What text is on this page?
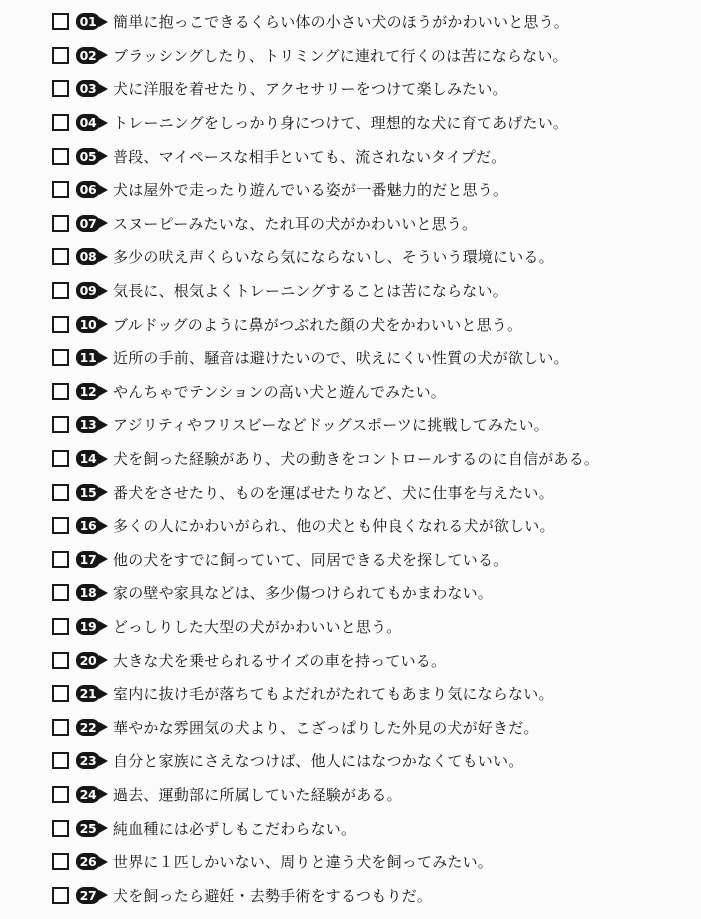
01 簡単に抱っこできるくらい体の小さい犬のほうがかわいいと思う。
02 ブラッシングしたり、トリミングに連れて行くのは苦にならない。
03 犬に洋服を着せたり、アクセサリーをつけて楽しみたい。
04 トレーニングをしっかり身につけて、理想的な犬に育てあげたい。
05 普段、マイペースな相手といても、流されないタイプだ。
06 犬は屋外で走ったり遊んでいる姿が一番魅力的だと思う。
07 スヌーピーみたいな、たれ耳の犬がかわいいと思う。
08 多少の吠え声くらいなら気にならないし、そういう環境にいる。
09 気長に、根気よくトレーニングすることは苦にならない。
10 ブルドッグのように鼻がつぶれた顔の犬をかわいいと思う。
11 近所の手前、騒音は避けたいので、吠えにくい性質の犬が欲しい。
12 やんちゃでテンションの高い犬と遊んでみたい。
13 アジリティやフリスビーなどドッグスポーツに挑戦してみたい。
14 犬を飼った経験があり、犬の動きをコントロールするのに自信がある。
15 番犬をさせたり、ものを運ばせたりなど、犬に仕事を与えたい。
16 多くの人にかわいがられ、他の犬とも仲良くなれる犬が欲しい。
17 他の犬をすでに飼っていて、同居できる犬を探している。
18 家の壁や家具などは、多少傷つけられてもかまわない。
19 どっしりした大型の犬がかわいいと思う。
20 大きな犬を乗せられるサイズの車を持っている。
21 室内に抜け毛が落ちてもよだれがたれてもあまり気にならない。
22 華やかな雰囲気の犬より、こざっぱりした外見の犬が好きだ。
23 自分と家族にさえなつけば、他人にはなつかなくてもいい。
24 過去、運動部に所属していた経験がある。
25 純血種には必ずしもこだわらない。
26 世界に１匹しかいない、周りと違う犬を飼ってみたい。
27 犬を飼ったら避妊・去勢手術をするつもりだ。
